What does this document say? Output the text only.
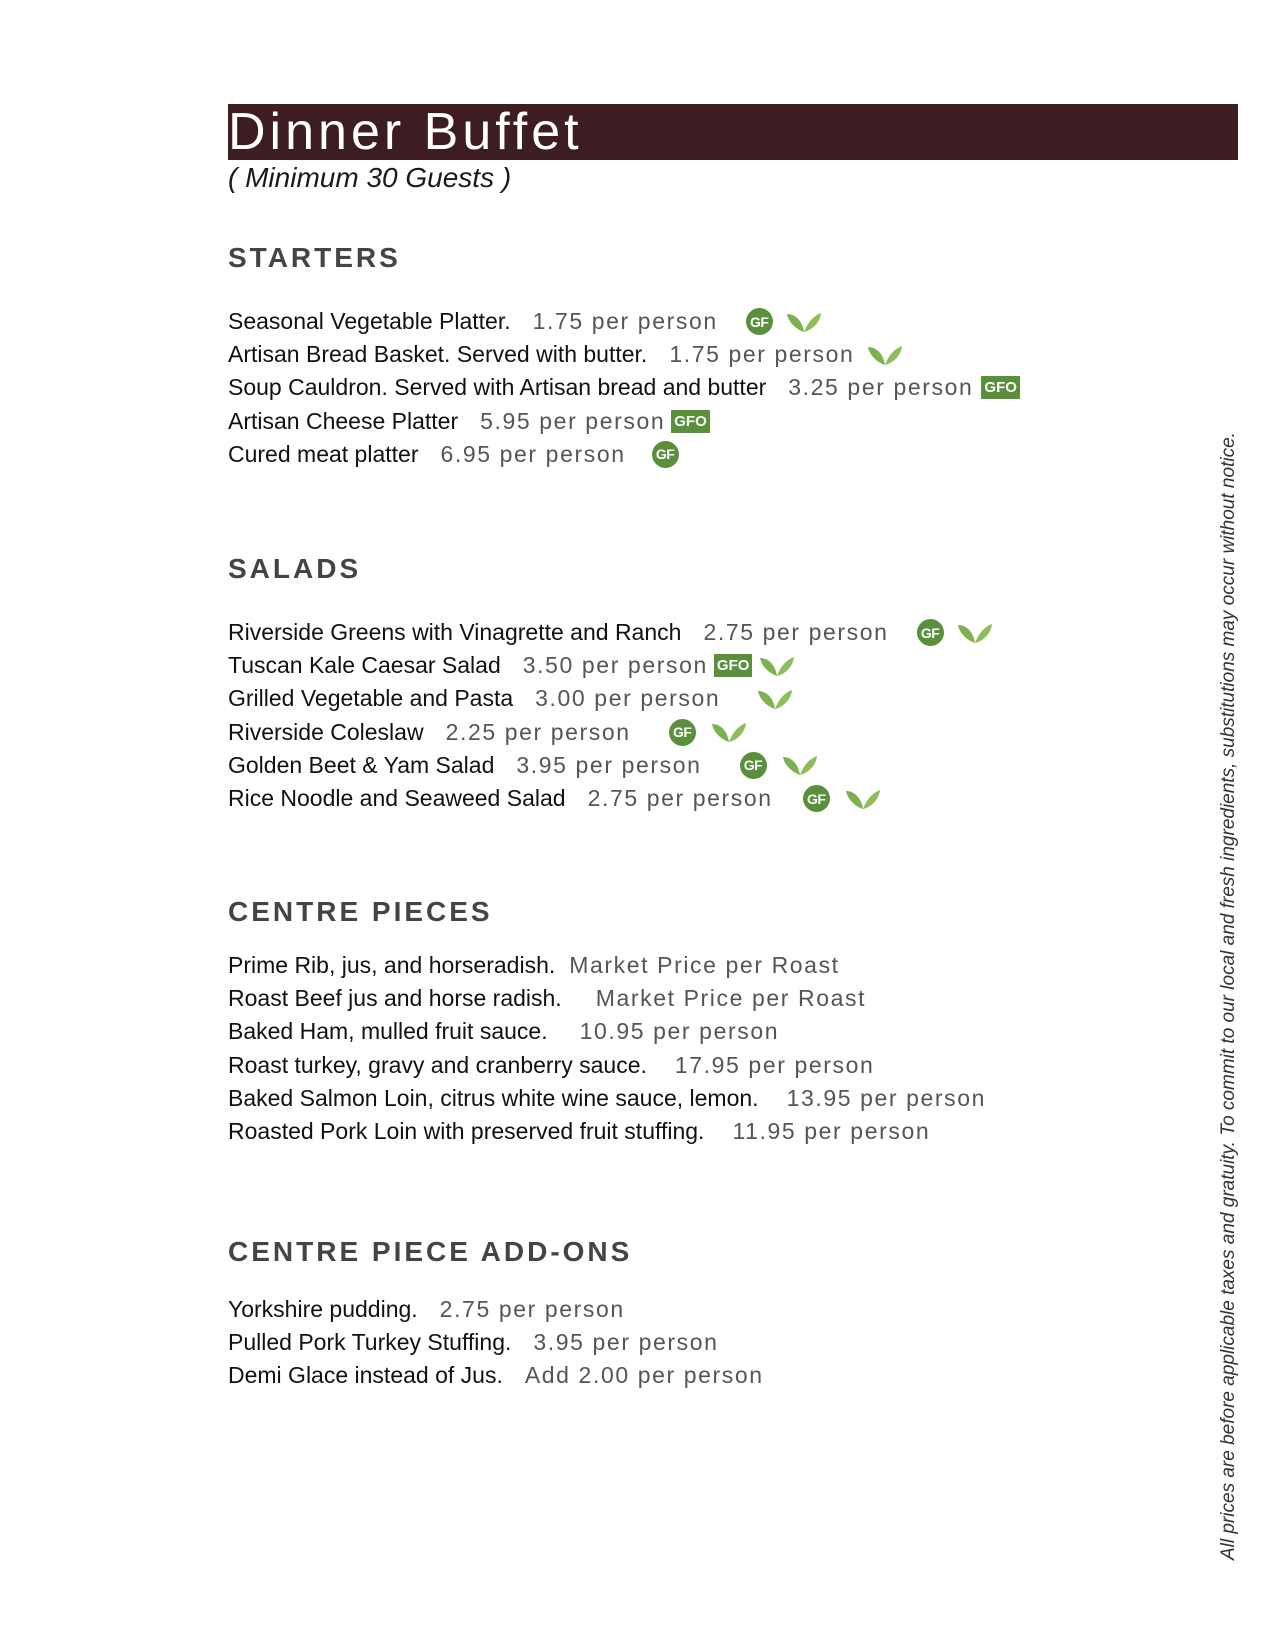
Dinner Buffet
( Minimum 30 Guests )
STARTERS
Seasonal Vegetable Platter. 1.75 per person	GF
Artisan Bread Basket. Served with butter. 1.75 per person
Soup Cauldron. Served with Artisan bread and butter 3.25 per person GFO
Artisan Cheese Platter 5.95 per person GFO
Cured meat platter 6.95 per person	GF
SALADS
Riverside Greens with Vinagrette and Ranch 2.75 per person	GF
Tuscan Kale Caesar Salad 3.50 per person GFO
Grilled Vegetable and Pasta 3.00 per person
Riverside Coleslaw 2.25 per person	GF
Golden Beet & Yam Salad 3.95 per person	GF
Rice Noodle and Seaweed Salad 2.75 per person	GF
CENTRE PIECES
Prime Rib, jus, and horseradish. Market Price per Roast
Roast Beef jus and horse radish. Market Price per Roast
Baked Ham, mulled fruit sauce. 10.95 per person
Roast turkey, gravy and cranberry sauce. 17.95 per person
Baked Salmon Loin, citrus white wine sauce, lemon. 13.95 per person
Roasted Pork Loin with preserved fruit stuffing. 11.95 per person
CENTRE PIECE ADD-ONS
Yorkshire pudding. 2.75 per person
Pulled Pork Turkey Stuffing. 3.95 per person
Demi Glace instead of Jus. Add 2.00 per person	All prices are before applicable taxes and gratuity. To commit to our local and fresh ingredients, substitutions may occur without notice.
